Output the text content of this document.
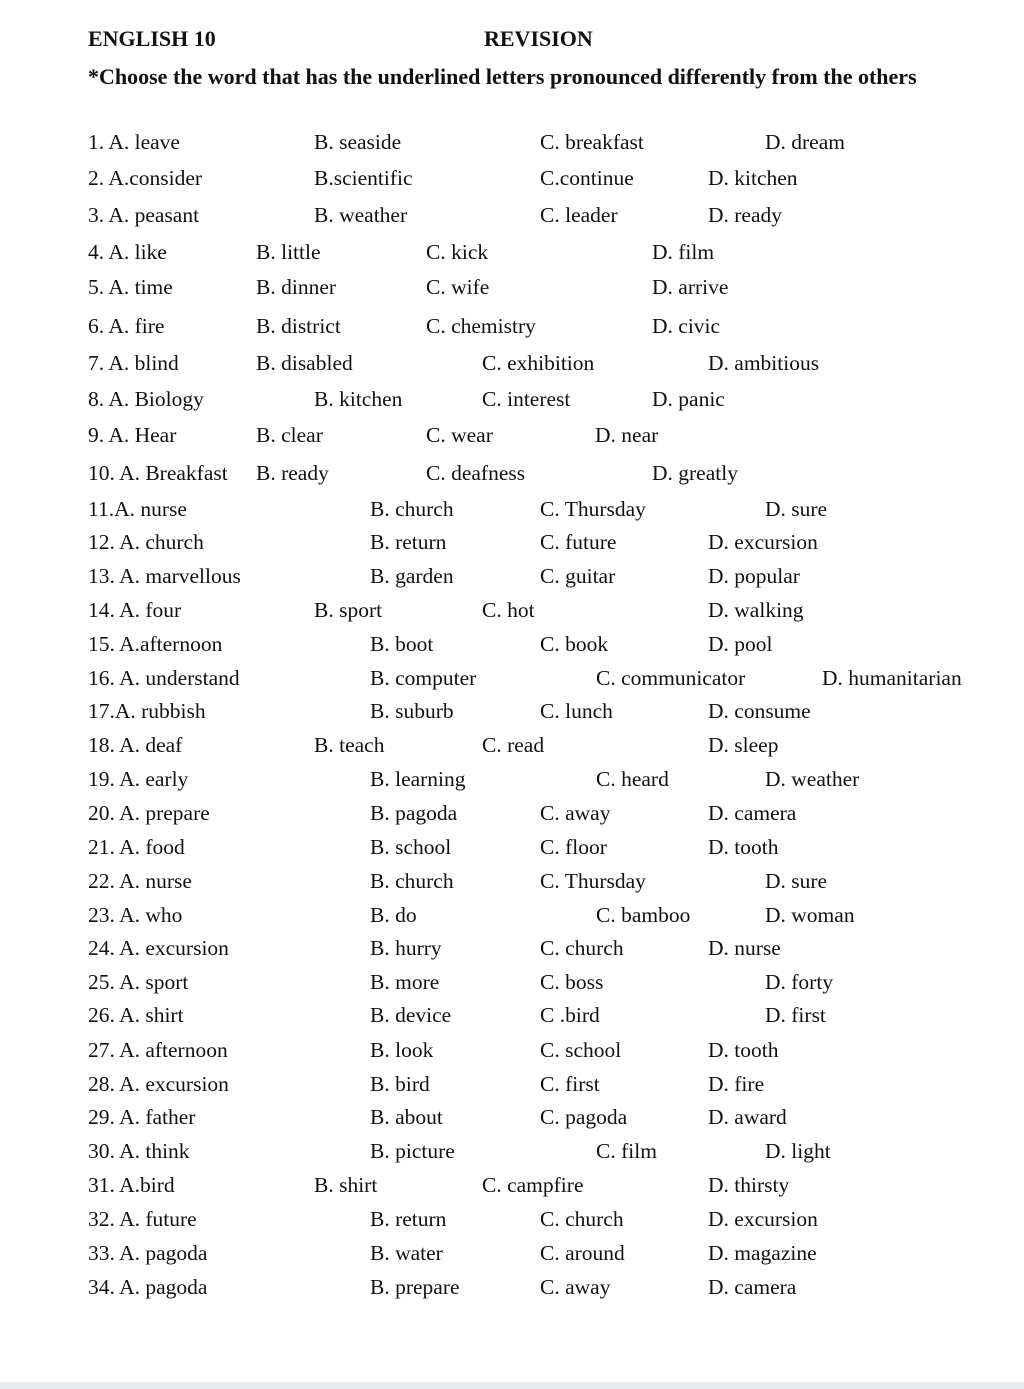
ENGLISH 10	REVISION
*Choose the word that has the underlined letters pronounced differently from the others
1. A. leave	B. seaside	C. breakfast	D. dream
2. A.consider	B.scientific	C.continue	D. kitchen
3. A. peasant	B. weather	C. leader	D. ready
4. A. like	B. little	C. kick	D. film
5. A. time	B. dinner	C. wife	D. arrive
6. A. fire	B. district	C. chemistry	D. civic
7. A. blind	B. disabled	C. exhibition	D. ambitious
8. A. Biology	B. kitchen	C. interest	D. panic
9. A. Hear	B. clear	C. wear	D. near
10. A. Breakfast B. ready	C. deafness	D. greatly
11.A. nurse	B. church	C. Thursday	D. sure
12. A. church	B. return	C. future	D. excursion
13. A. marvellous	B. garden	C. guitar	D. popular
14. A. four	B. sport	C. hot	D. walking
15. A.afternoon	B. boot	C. book	D. pool
16. A. understand	B. computer	C. communicator	D. humanitarian
17.A. rubbish	B. suburb	C. lunch	D. consume
18. A. deaf	B. teach	C. read	D. sleep
19. A. early	B. learning	C. heard	D. weather
20. A. prepare	B. pagoda	C. away	D. camera
21. A. food	B. school	C. floor	D. tooth
22. A. nurse	B. church	C. Thursday	D. sure
23. A. who	B. do	C. bamboo	D. woman
24. A. excursion	B. hurry	C. church	D. nurse
25. A. sport	B. more	C. boss	D. forty
26. A. shirt	B. device	C .bird	D. first
27. A. afternoon	B. look	C. school	D. tooth
28. A. excursion	B. bird	C. first	D. fire
29. A. father	B. about	C. pagoda	D. award
30. A. think	B. picture	C. film	D. light
31. A.bird	B. shirt	C. campfire	D. thirsty
32. A. future	B. return	C. church	D. excursion
33. A. pagoda	B. water	C. around	D. magazine
34. A. pagoda	B. prepare	C. away	D. camera
